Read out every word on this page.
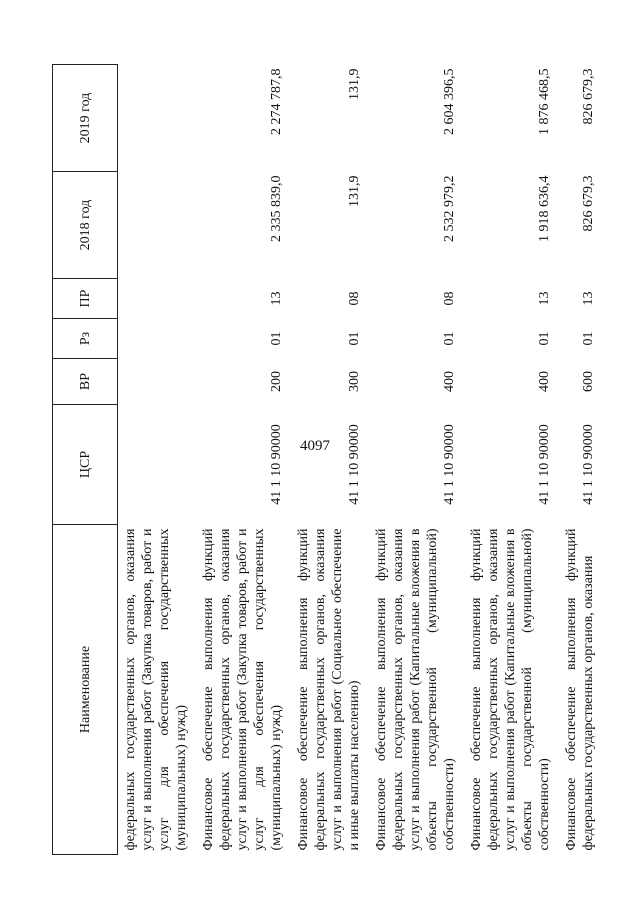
4097
Наименование	ЦСР	ВР	Рз	ПР	2018 год	2019 год
федеральных государственных органов, оказания услуг и выполнения работ (Закупка товаров, работ и услуг для обеспечения государственных (муниципальных) нужд)						
Финансовое обеспечение выполнения функций федеральных государственных органов, оказания услуг и выполнения работ (Закупка товаров, работ и услуг для обеспечения государственных (муниципальных) нужд)	41 1 10 90000	200	01	13	2 335 839,0	2 274 787,8
Финансовое обеспечение выполнения функций федеральных государственных органов, оказания услуг и выполнения работ (Социальное обеспечение и иные выплаты населению)	41 1 10 90000	300	01	08	131,9	131,9
Финансовое обеспечение выполнения функций федеральных государственных органов, оказания услуг и выполнения работ (Капитальные вложения в объекты государственной (муниципальной) собственности)	41 1 10 90000	400	01	08	2 532 979,2	2 604 396,5
Финансовое обеспечение выполнения функций федеральных государственных органов, оказания услуг и выполнения работ (Капитальные вложения в объекты государственной (муниципальной) собственности)	41 1 10 90000	400	01	13	1 918 636,4	1 876 468,5
Финансовое обеспечение выполнения функций федеральных государственных органов, оказания	41 1 10 90000	600	01	13	826 679,3	826 679,3
